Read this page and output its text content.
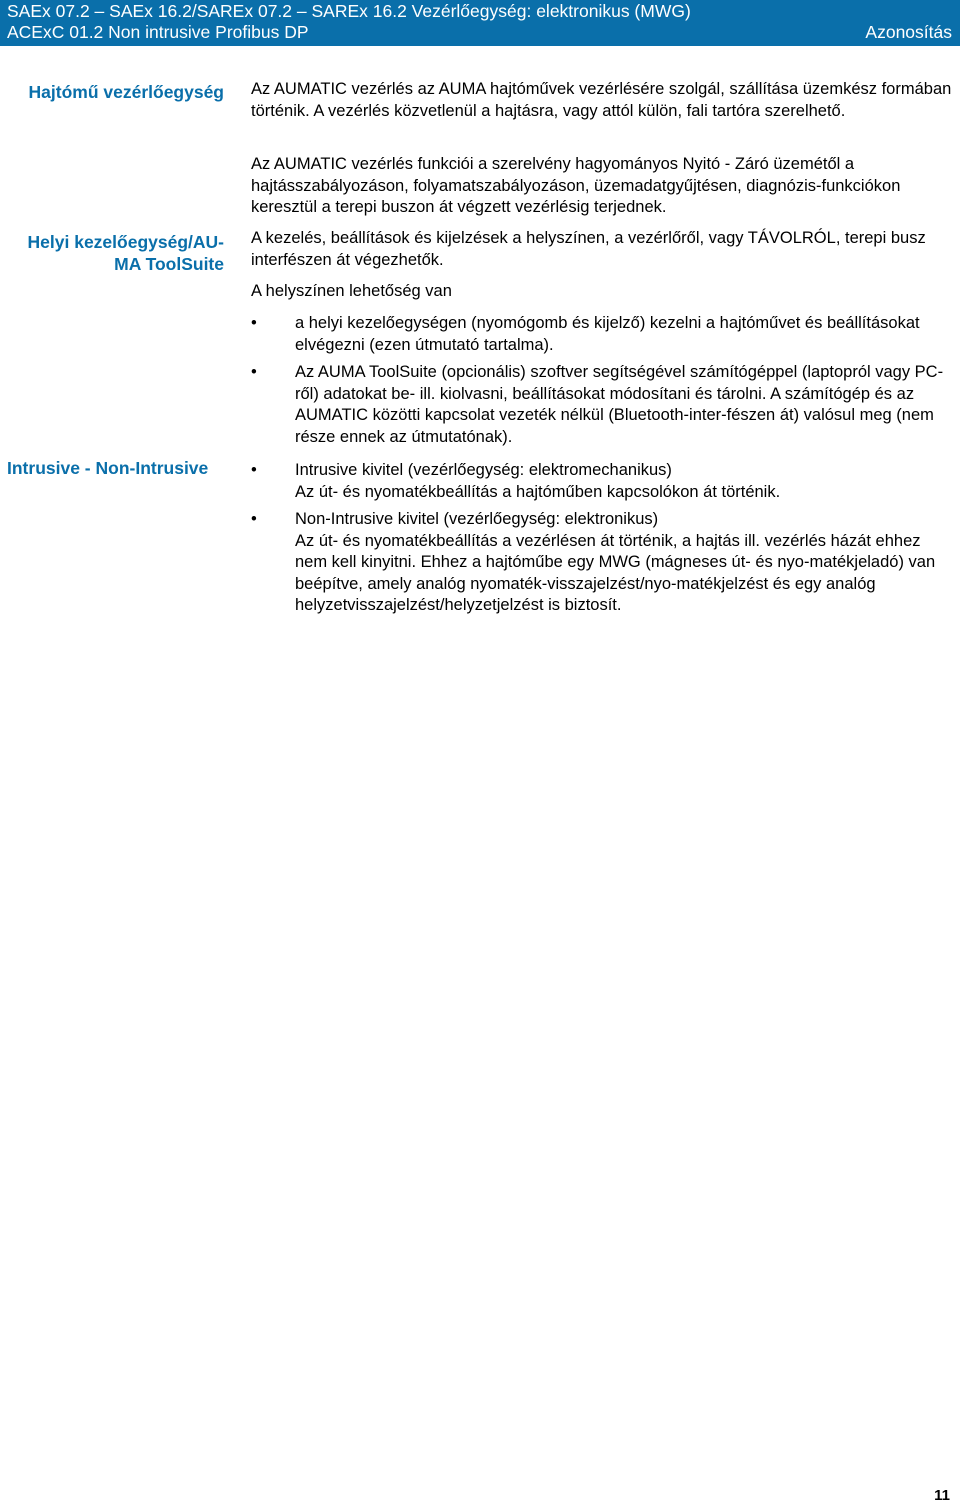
SAEx 07.2 – SAEx 16.2/SAREx 07.2 – SAREx 16.2 Vezérlőegység: elektronikus (MWG)
ACExC 01.2 Non intrusive Profibus DP	Azonosítás
Hajtómű vezérlőegység
Helyi kezelőegység/AU-
MA ToolSuite
Intrusive - Non-Intrusive

Az AUMATIC vezérlés az AUMA hajtóművek vezérlésére szolgál, szállítása üzemkész formában történik. A vezérlés közvetlenül a hajtásra, vagy attól külön, fali tartóra szerelhető.

Az AUMATIC vezérlés funkciói a szerelvény hagyományos Nyitó - Záró üzemétől a hajtásszabályozáson, folyamatszabályozáson, üzemadatgyűjtésen, diagnózis-funkciókon keresztül a terepi buszon át végzett vezérlésig terjednek.

A kezelés, beállítások és kijelzések a helyszínen, a vezérlőről, vagy TÁVOLRÓL, terepi busz interfészen át végezhetők.

A helyszínen lehetőség van

• a helyi kezelőegységen (nyomógomb és kijelző) kezelni a hajtóművet és beállításokat elvégezni (ezen útmutató tartalma).
• Az AUMA ToolSuite (opcionális) szoftver segítségével számítógéppel (laptopról vagy PC-ről) adatokat be- ill. kiolvasni, beállításokat módosítani és tárolni. A számítógép és az AUMATIC közötti kapcsolat vezeték nélkül (Bluetooth-inter-fészen át) valósul meg (nem része ennek az útmutatónak).
• Intrusive kivitel (vezérlőegység: elektromechanikus)
Az út- és nyomatékbeállítás a hajtóműben kapcsolókon át történik.
• Non-Intrusive kivitel (vezérlőegység: elektronikus)
Az út- és nyomatékbeállítás a vezérlésen át történik, a hajtás ill. vezérlés házát ehhez nem kell kinyitni. Ehhez a hajtóműbe egy MWG (mágneses út- és nyo-matékjeladó) van beépítve, amely analóg nyomaték-visszajelzést/nyo-matékjelzést és egy analóg helyzetvisszajelzést/helyzetjelzést is biztosít.
11
